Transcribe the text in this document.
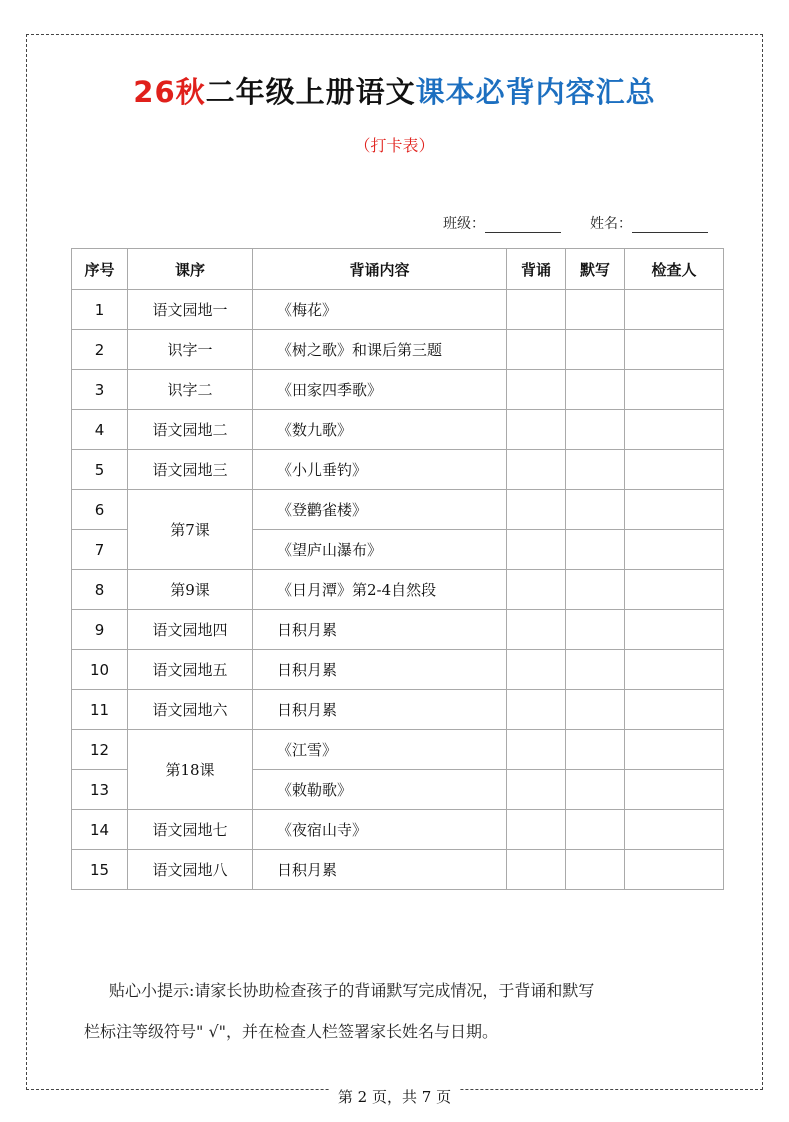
26秋二年级上册语文课本必背内容汇总
（打卡表）
班级：	姓名：
序号	课序	背诵内容	背诵	默写	检查人
1	语文园地一	《梅花》			
2	识字一	《树之歌》和课后第三题			
3	识字二	《田家四季歌》			
4	语文园地二	《数九歌》			
5	语文园地三	《小儿垂钓》			
6	第7课	《登鹳雀楼》			
7		《望庐山瀑布》			
8	第9课	《日月潭》第2-4自然段			
9	语文园地四	日积月累			
10	语文园地五	日积月累			
11	语文园地六	日积月累			
12	第18课	《江雪》			
13		《敕勒歌》			
14	语文园地七	《夜宿山寺》			
15	语文园地八	日积月累			
贴心小提示:请家长协助检查孩子的背诵默写完成情况，于背诵和默写
栏标注等级符号" √"，并在检查人栏签署家长姓名与日期。
第 2 页，共 7 页
